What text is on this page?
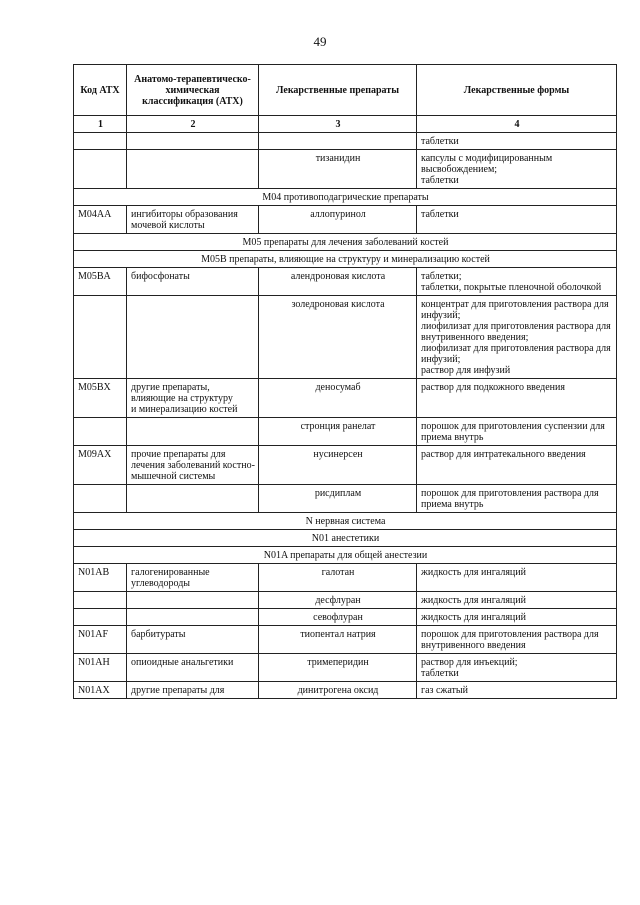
49
Код АТХ	Анатомо-терапевтическо-химическая классификация (АТХ)	Лекарственные препараты	Лекарственные формы
1	2	3	4
			таблетки
		тизанидин	капсулы с модифицированным высвобождением;
таблетки
M04 противоподагрические препараты			
M04AA	ингибиторы образования мочевой кислоты	аллопуринол	таблетки
M05 препараты для лечения заболеваний костей			
M05B препараты, влияющие на структуру и минерализацию костей			
M05BA	бифосфонаты	алендроновая кислота	таблетки;
таблетки, покрытые пленочной оболочкой
		золедроновая кислота	концентрат для приготовления раствора для инфузий;
лиофилизат для приготовления раствора для внутривенного введения;
лиофилизат для приготовления раствора для инфузий;
раствор для инфузий
M05BX	другие препараты,
влияющие на структуру
и минерализацию костей	деносумаб	раствор для подкожного введения
		стронция ранелат	порошок для приготовления суспензии для приема внутрь
M09AX	прочие препараты для лечения заболеваний костно-мышечной системы	нусинерсен	раствор для интратекального введения
		рисдиплам	порошок для приготовления раствора для приема внутрь
N нервная система			
N01 анестетики			
N01A препараты для общей анестезии			
N01AB	галогенированные углеводороды	галотан	жидкость для ингаляций
		десфлуран	жидкость для ингаляций
		севофлуран	жидкость для ингаляций
N01AF	барбитураты	тиопентал натрия	порошок для приготовления раствора для внутривенного введения
N01AH	опиоидные анальгетики	тримеперидин	раствор для инъекций;
таблетки
N01AX	другие препараты для	динитрогена оксид	газ сжатый
